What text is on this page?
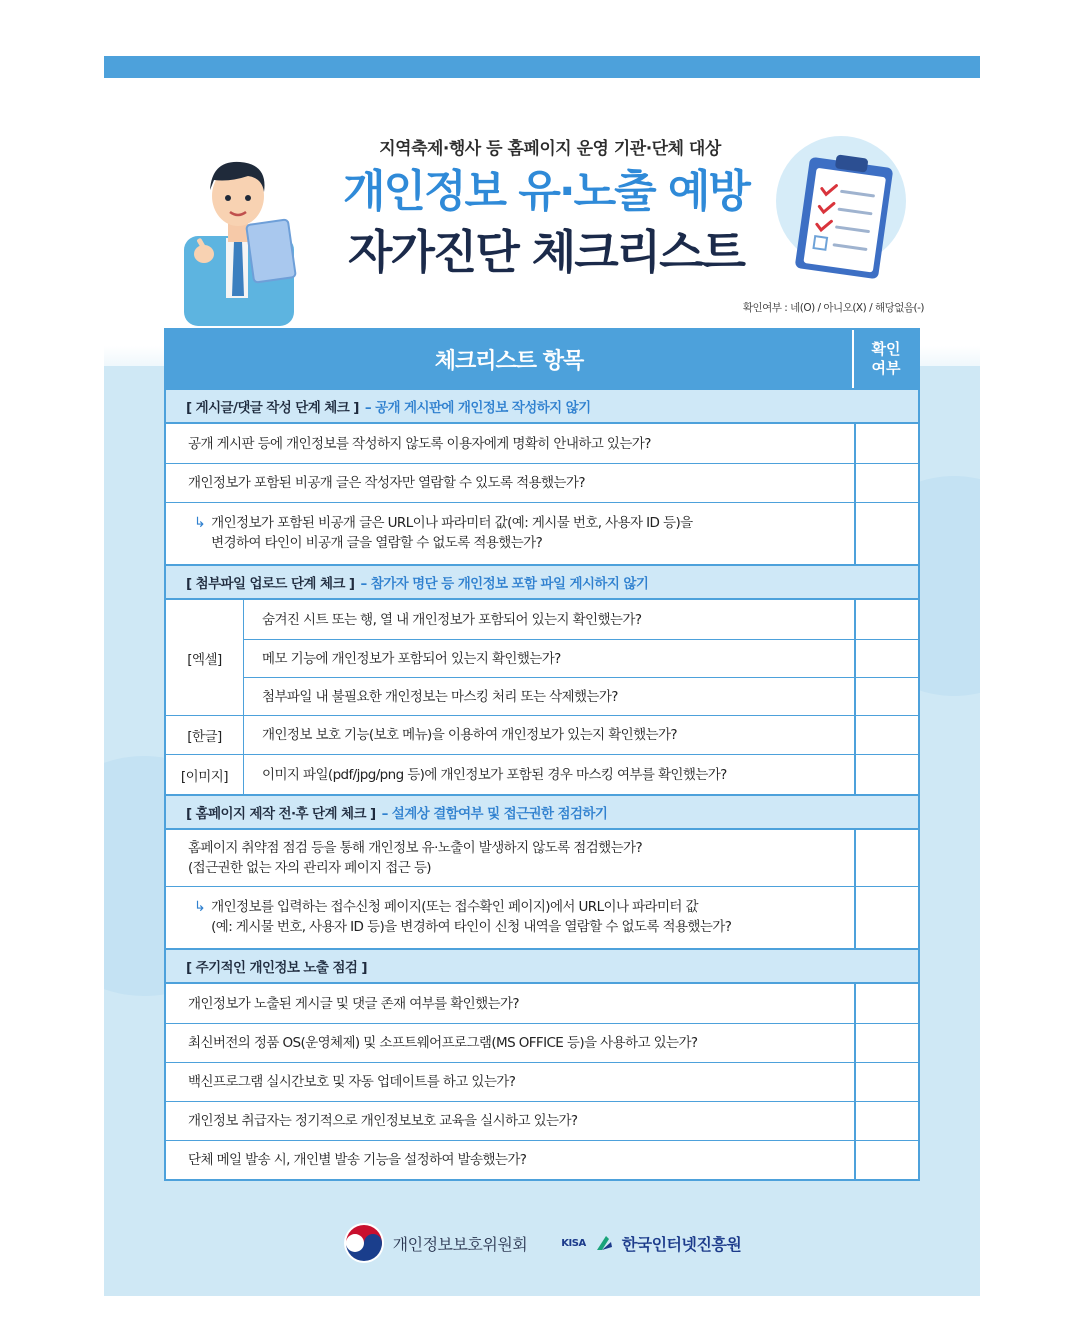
지역축제·행사 등 홈페이지 운영 기관·단체 대상
개인정보 유·노출 예방
자가진단 체크리스트
확인여부 : 네(O) / 아니오(X) / 해당없음(-)
체크리스트 항목	확인 여부
[ 게시글/댓글 작성 단계 체크 ] – 공개 게시판에 개인정보 작성하지 않기
공개 게시판 등에 개인정보를 작성하지 않도록 이용자에게 명확히 안내하고 있는가?
개인정보가 포함된 비공개 글은 작성자만 열람할 수 있도록 적용했는가?
↳ 개인정보가 포함된 비공개 글은 URL이나 파라미터 값(예: 게시물 번호, 사용자 ID 등)을
변경하여 타인이 비공개 글을 열람할 수 없도록 적용했는가?
[ 첨부파일 업로드 단계 체크 ] – 참가자 명단 등 개인정보 포함 파일 게시하지 않기
[엑셀]
숨겨진 시트 또는 행, 열 내 개인정보가 포함되어 있는지 확인했는가?
메모 기능에 개인정보가 포함되어 있는지 확인했는가?
첨부파일 내 불필요한 개인정보는 마스킹 처리 또는 삭제했는가?
[한글]	개인정보 보호 기능(보호 메뉴)을 이용하여 개인정보가 있는지 확인했는가?
[이미지]	이미지 파일(pdf/jpg/png 등)에 개인정보가 포함된 경우 마스킹 여부를 확인했는가?
[ 홈페이지 제작 전·후 단계 체크 ] – 설계상 결함여부 및 접근권한 점검하기
홈페이지 취약점 점검 등을 통해 개인정보 유·노출이 발생하지 않도록 점검했는가?
(접근권한 없는 자의 관리자 페이지 접근 등)
↳ 개인정보를 입력하는 접수신청 페이지(또는 접수확인 페이지)에서 URL이나 파라미터 값
(예: 게시물 번호, 사용자 ID 등)을 변경하여 타인이 신청 내역을 열람할 수 없도록 적용했는가?
[ 주기적인 개인정보 노출 점검 ]
개인정보가 노출된 게시글 및 댓글 존재 여부를 확인했는가?
최신버전의 정품 OS(운영체제) 및 소프트웨어프로그램(MS OFFICE 등)을 사용하고 있는가?
백신프로그램 실시간보호 및 자동 업데이트를 하고 있는가?
개인정보 취급자는 정기적으로 개인정보보호 교육을 실시하고 있는가?
단체 메일 발송 시, 개인별 발송 기능을 설정하여 발송했는가?
개인정보보호위원회	KISA 한국인터넷진흥원
